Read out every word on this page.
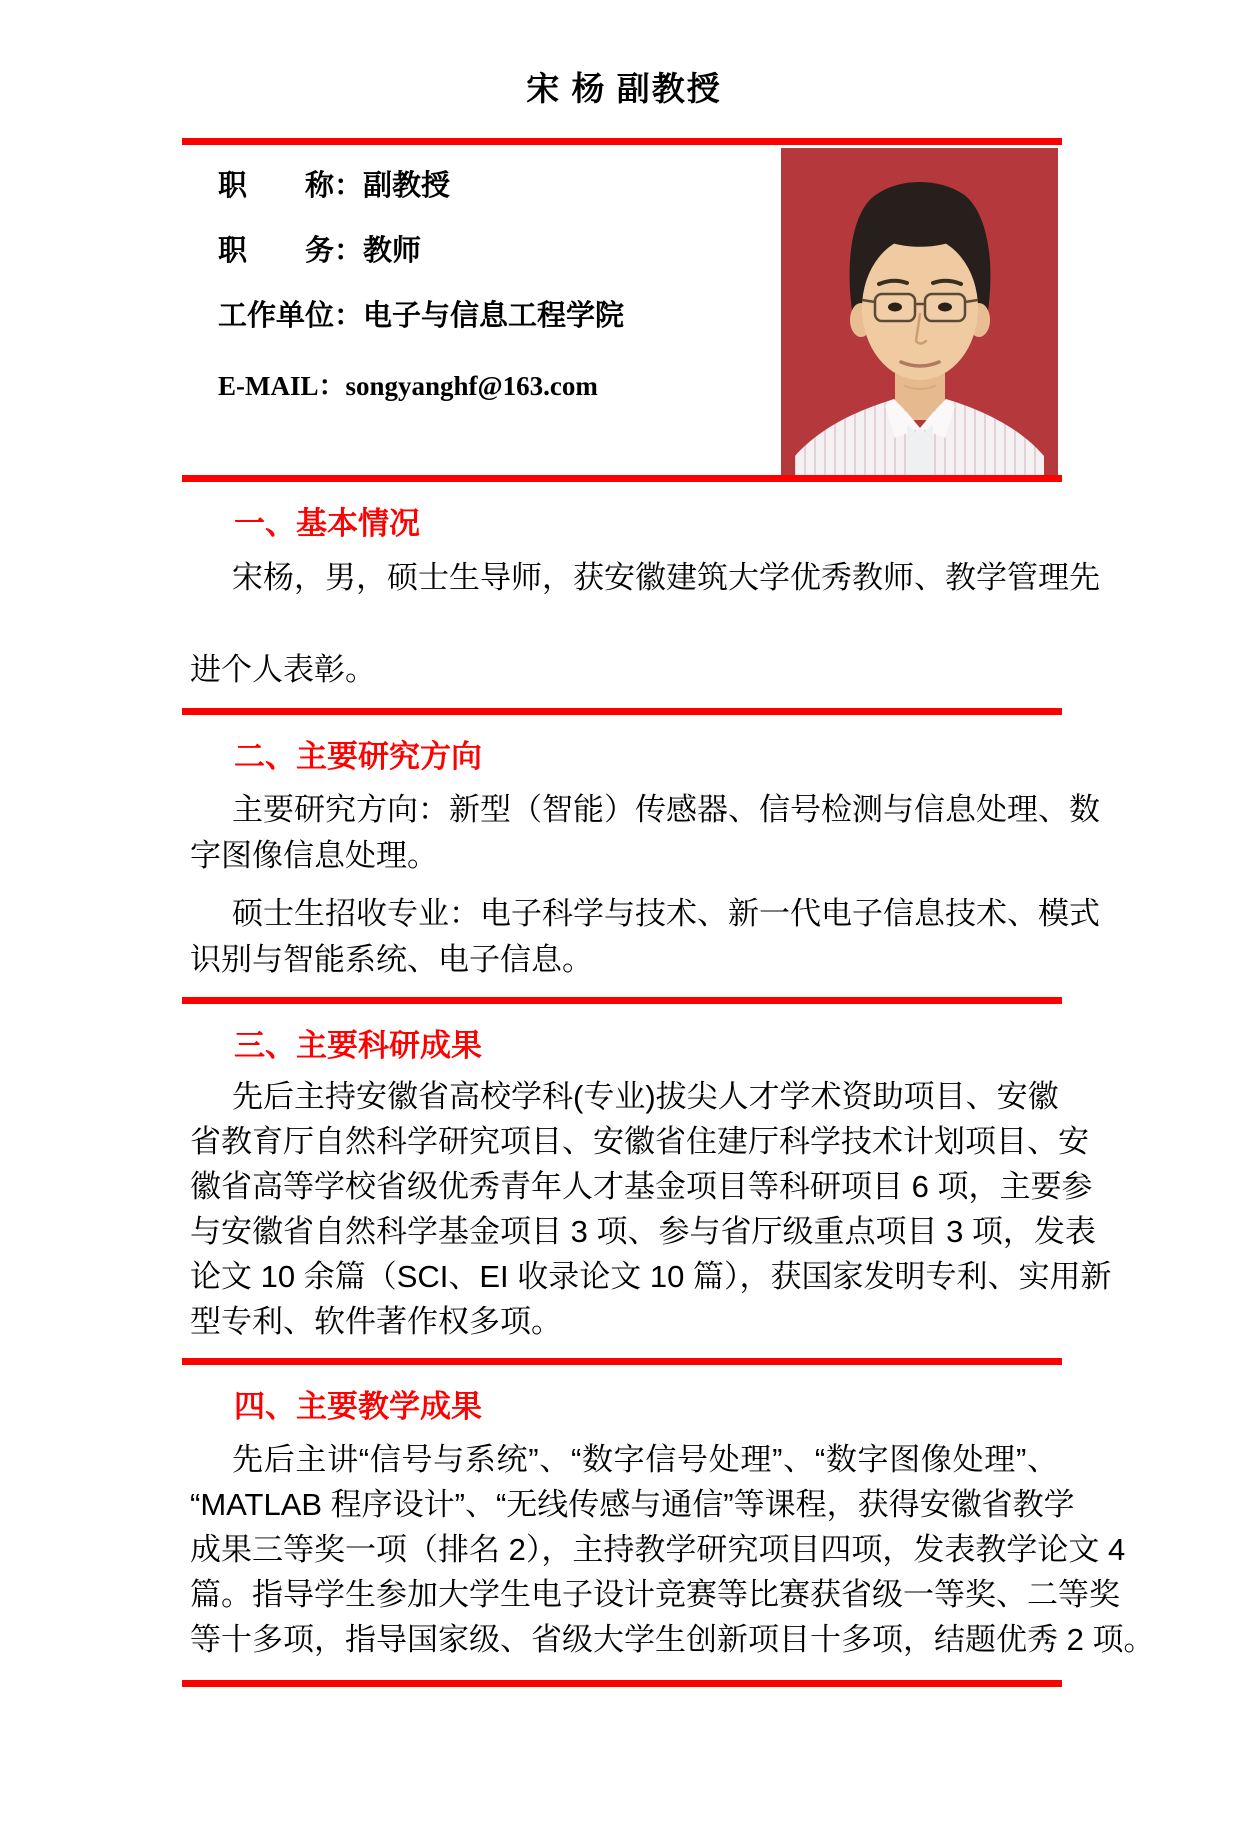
宋 杨 副教授
职　　称：副教授
职　　务：教师
工作单位：电子与信息工程学院
E-MAIL：songyanghf@163.com
一、基本情况
宋杨，男，硕士生导师，获安徽建筑大学优秀教师、教学管理先
进个人表彰。
二、主要研究方向
主要研究方向：新型（智能）传感器、信号检测与信息处理、数
字图像信息处理。
硕士生招收专业：电子科学与技术、新一代电子信息技术、模式
识别与智能系统、电子信息。
三、主要科研成果
先后主持安徽省高校学科(专业)拔尖人才学术资助项目、安徽
省教育厅自然科学研究项目、安徽省住建厅科学技术计划项目、安
徽省高等学校省级优秀青年人才基金项目等科研项目 6 项，主要参
与安徽省自然科学基金项目 3 项、参与省厅级重点项目 3 项，发表
论文 10 余篇（SCI、EI 收录论文 10 篇），获国家发明专利、实用新
型专利、软件著作权多项。
四、主要教学成果
先后主讲“信号与系统”、“数字信号处理”、“数字图像处理”、
“MATLAB 程序设计”、“无线传感与通信”等课程，获得安徽省教学
成果三等奖一项（排名 2），主持教学研究项目四项，发表教学论文 4
篇。指导学生参加大学生电子设计竞赛等比赛获省级一等奖、二等奖
等十多项，指导国家级、省级大学生创新项目十多项，结题优秀 2 项。
